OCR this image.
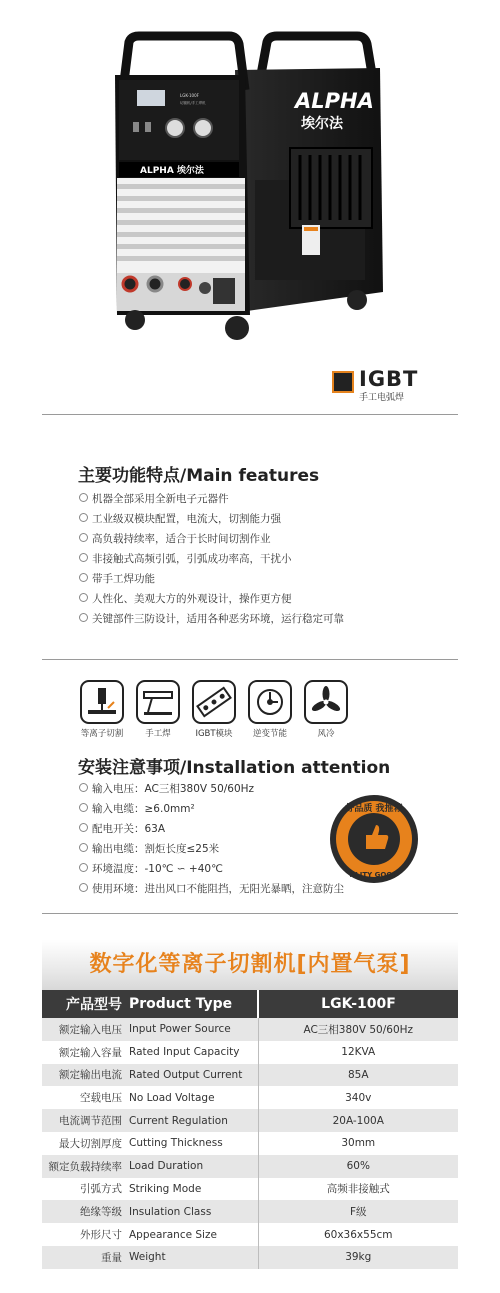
ALPHA
埃尔法
LGK-100F
切割机/手工焊机
ALPHA 埃尔法
IGBT
手工电弧焊
主要功能特点/Main features
机器全部采用全新电子元器件
工业级双模块配置，电流大，切割能力强
高负载持续率，适合于长时间切割作业
非接触式高频引弧，引弧成功率高，干扰小
带手工焊功能
人性化、美观大方的外观设计，操作更方便
关键部件三防设计，适用各种恶劣环境，运行稳定可靠
等离子切割	手工焊	IGBT模块	逆变节能	风冷
安装注意事项/Installation attention
输入电压：AC三相380V 50/60Hz
输入电缆：≥6.0mm²
配电开关：63A
输出电缆：割炬长度≤25米
环境温度：-10℃ ∽ +40℃
使用环境：进出风口不能阻挡，无阳光暴晒，注意防尘
好品质 我推荐
ALITY GOOD
数字化等离子切割机[内置气泵]
产品型号	Product Type	LGK-100F
额定输入电压	Input Power Source	AC三相380V 50/60Hz
额定输入容量	Rated Input Capacity	12KVA
额定输出电流	Rated Output Current	85A
空载电压	No Load Voltage	340v
电流调节范围	Current Regulation	20A-100A
最大切割厚度	Cutting Thickness	30mm
额定负载持续率	Load Duration	60%
引弧方式	Striking Mode	高频非接触式
绝缘等级	Insulation Class	F级
外形尺寸	Appearance Size	60x36x55cm
重量	Weight	39kg
